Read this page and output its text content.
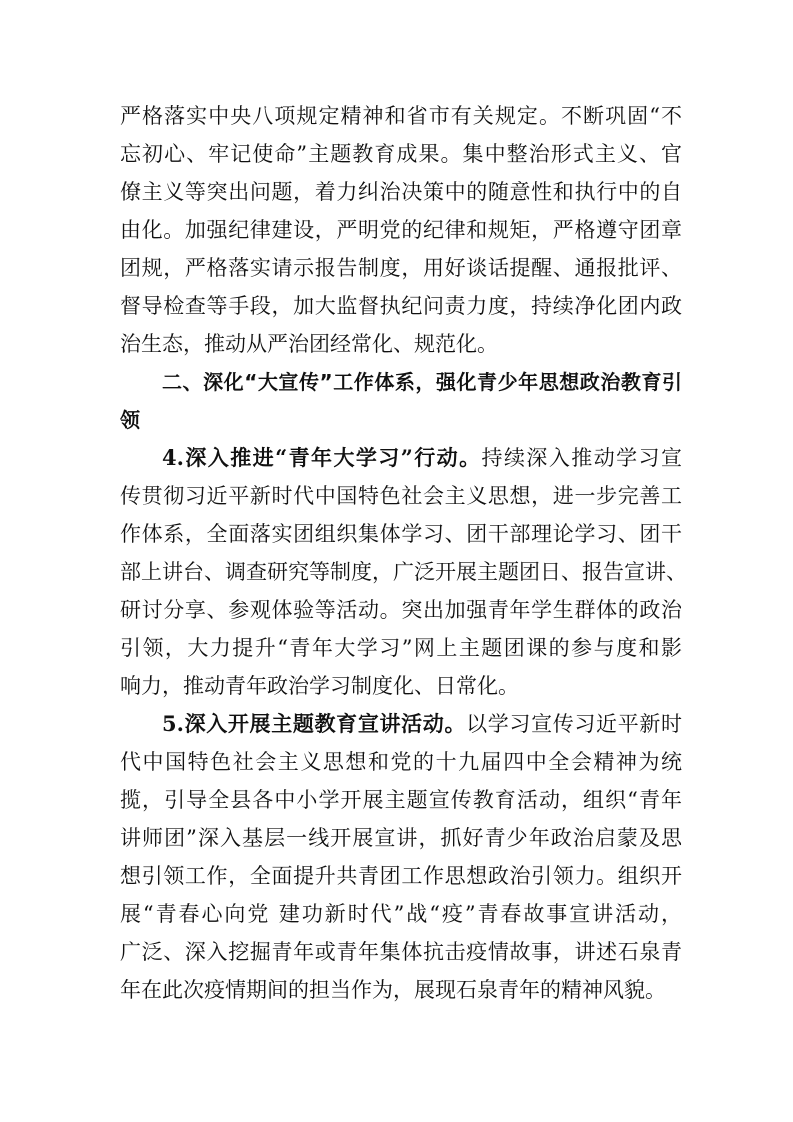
严格落实中央八项规定精神和省市有关规定。不断巩固“不
忘初心、牢记使命”主题教育成果。集中整治形式主义、官
僚主义等突出问题，着力纠治决策中的随意性和执行中的自
由化。加强纪律建设，严明党的纪律和规矩，严格遵守团章
团规，严格落实请示报告制度，用好谈话提醒、通报批评、
督导检查等手段，加大监督执纪问责力度，持续净化团内政
治生态，推动从严治团经常化、规范化。
二、深化“大宣传”工作体系，强化青少年思想政治教育引
领
4.深入推进“青年大学习”行动。持续深入推动学习宣
传贯彻习近平新时代中国特色社会主义思想，进一步完善工
作体系，全面落实团组织集体学习、团干部理论学习、团干
部上讲台、调查研究等制度，广泛开展主题团日、报告宣讲、
研讨分享、参观体验等活动。突出加强青年学生群体的政治
引领，大力提升“青年大学习”网上主题团课的参与度和影
响力，推动青年政治学习制度化、日常化。
5.深入开展主题教育宣讲活动。以学习宣传习近平新时
代中国特色社会主义思想和党的十九届四中全会精神为统
揽，引导全县各中小学开展主题宣传教育活动，组织“青年
讲师团”深入基层一线开展宣讲，抓好青少年政治启蒙及思
想引领工作，全面提升共青团工作思想政治引领力。组织开
展“青春心向党 建功新时代”战“疫”青春故事宣讲活动，
广泛、深入挖掘青年或青年集体抗击疫情故事，讲述石泉青
年在此次疫情期间的担当作为，展现石泉青年的精神风貌。
